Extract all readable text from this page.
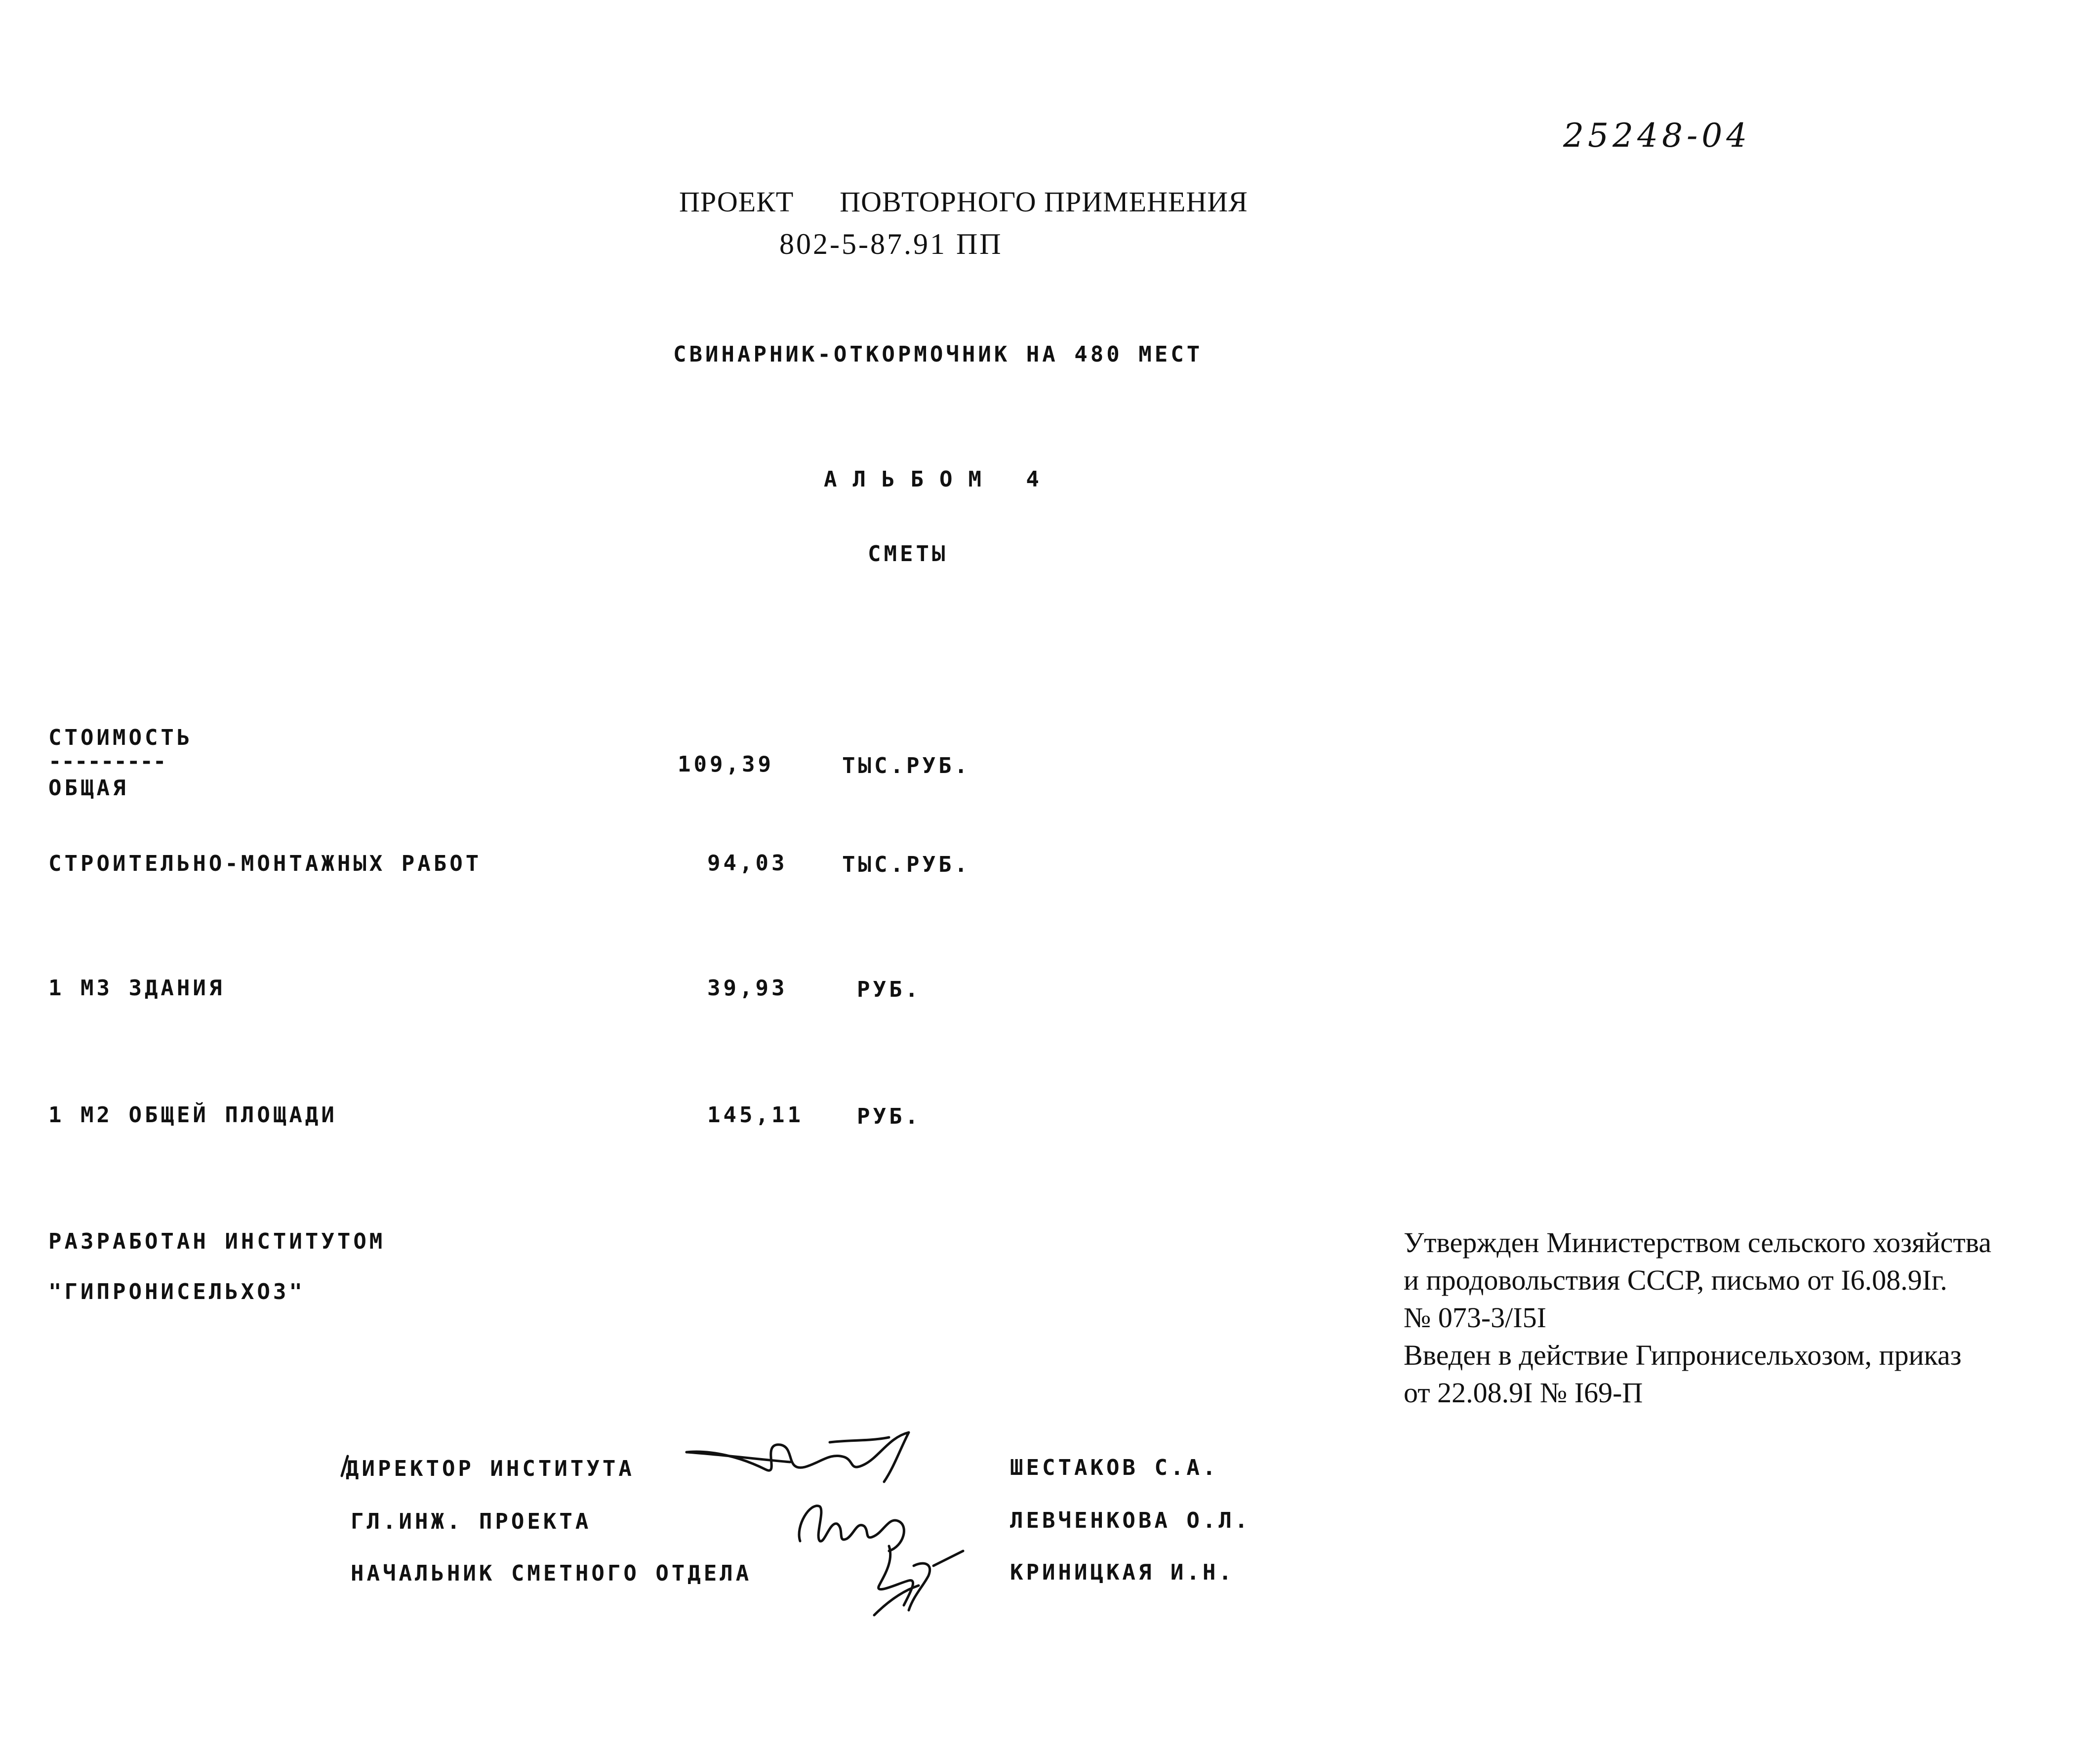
25248-04
ПРОЕКТ      ПОВТОРНОГО ПРИМЕНЕНИЯ
802-5-87.91 ПП
СВИНАРНИК-ОТКОРМОЧНИК НА 480 МЕСТ
АЛЬБОМ 4
СМЕТЫ
СТОИМОСТЬ
---------
ОБЩАЯ
109,39	ТЫС.РУБ.
СТРОИТЕЛЬНО-МОНТАЖНЫХ РАБОТ	94,03	ТЫС.РУБ.
1 М3 ЗДАНИЯ	39,93	РУБ.
1 М2 ОБЩЕЙ ПЛОЩАДИ	145,11 РУБ.
РАЗРАБОТАН ИНСТИТУТОМ
"ГИПРОНИСЕЛЬХОЗ"
Утвержден Министерством сельского хозяйства
и продовольствия СССР, письмо от I6.08.9Iг.
№ 073-3/I5I
Введен в действие Гипронисельхозом, приказ
от 22.08.9I № I69-П
ДИРЕКТОР ИНСТИТУТА	ШЕСТАКОВ С.А.
ГЛ.ИНЖ. ПРОЕКТА	ЛЕВЧЕНКОВА О.Л.
НАЧАЛЬНИК СМЕТНОГО ОТДЕЛА	КРИНИЦКАЯ И.Н.
